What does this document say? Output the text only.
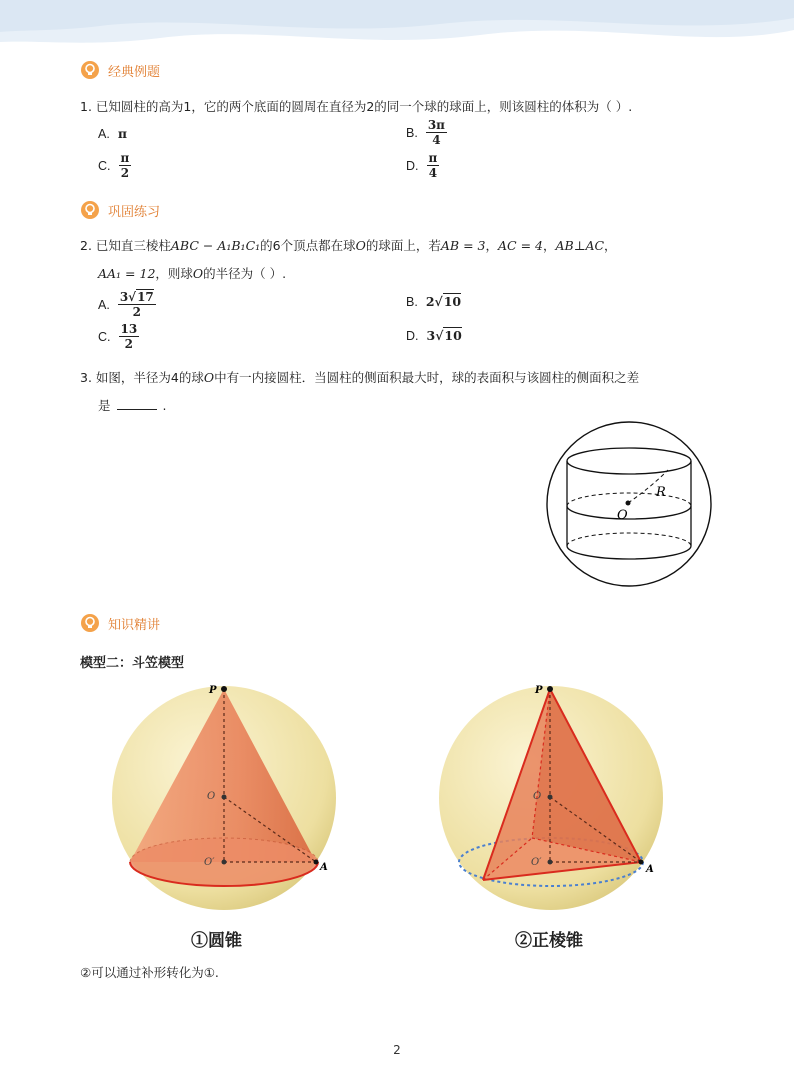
经典例题
1. 已知圆柱的高为1，它的两个底面的圆周在直径为2的同一个球的球面上，则该圆柱的体积为（ ）.
A. π	B. $\frac{3\pi}{4}$
C. $\frac{\pi}{2}$	D. $\frac{\pi}{4}$
巩固练习
2. 已知直三棱柱ABC − A₁B₁C₁的6个顶点都在球O的球面上，若AB = 3，AC = 4，AB⊥AC，
AA₁ = 12，则球O的半径为（ ）.
A. $\frac{3√17}{2}$	B. 2√10
C. $\frac{13}{2}$	D. 3√10
3. 如图，半径为4的球O中有一内接圆柱．当圆柱的侧面积最大时，球的表面积与该圆柱的侧面积之差
是	.
R
O
知识精讲
模型二：斗笠模型
P
O
O′	A
①圆锥
P
O
O′
A
②正棱锥
②可以通过补形转化为①.
2
